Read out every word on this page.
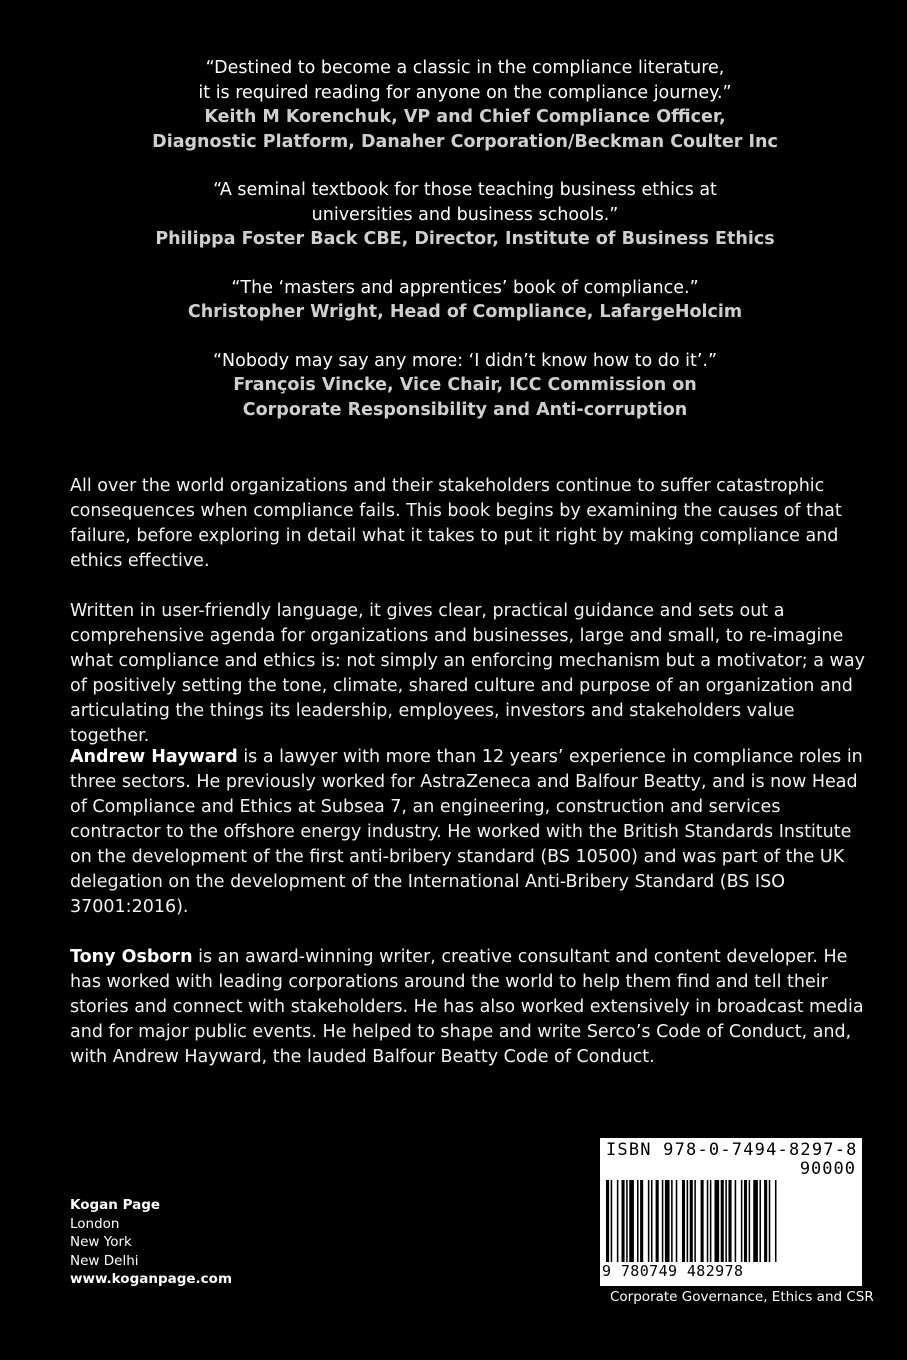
“Destined to become a classic in the compliance literature,
it is required reading for anyone on the compliance journey.”
Keith M Korenchuk, VP and Chief Compliance Officer,
Diagnostic Platform, Danaher Corporation/Beckman Coulter Inc
“A seminal textbook for those teaching business ethics at
universities and business schools.”
Philippa Foster Back CBE, Director, Institute of Business Ethics
“The ‘masters and apprentices’ book of compliance.”
Christopher Wright, Head of Compliance, LafargeHolcim
“Nobody may say any more: ‘I didn’t know how to do it’.”
François Vincke, Vice Chair, ICC Commission on
Corporate Responsibility and Anti-corruption

All over the world organizations and their stakeholders continue to suffer catastrophic consequences when compliance fails. This book begins by examining the causes of that failure, before exploring in detail what it takes to put it right by making compliance and ethics effective.

Written in user-friendly language, it gives clear, practical guidance and sets out a comprehensive agenda for organizations and businesses, large and small, to re-imagine what compliance and ethics is: not simply an enforcing mechanism but a motivator; a way of positively setting the tone, climate, shared culture and purpose of an organization and articulating the things its leadership, employees, investors and stakeholders value together.

Andrew Hayward is a lawyer with more than 12 years’ experience in compliance roles in three sectors. He previously worked for AstraZeneca and Balfour Beatty, and is now Head of Compliance and Ethics at Subsea 7, an engineering, construction and services contractor to the offshore energy industry. He worked with the British Standards Institute on the development of the first anti-bribery standard (BS 10500) and was part of the UK delegation on the development of the International Anti-Bribery Standard (BS ISO 37001:2016).

Tony Osborn is an award-winning writer, creative consultant and content developer. He has worked with leading corporations around the world to help them find and tell their stories and connect with stakeholders. He has also worked extensively in broadcast media and for major public events. He helped to shape and write Serco’s Code of Conduct, and, with Andrew Hayward, the lauded Balfour Beatty Code of Conduct.

Kogan Page
London
New York
New Delhi
www.koganpage.com
ISBN 978-0-7494-8297-8
90000
9 780749 482978
Corporate Governance, Ethics and CSR
